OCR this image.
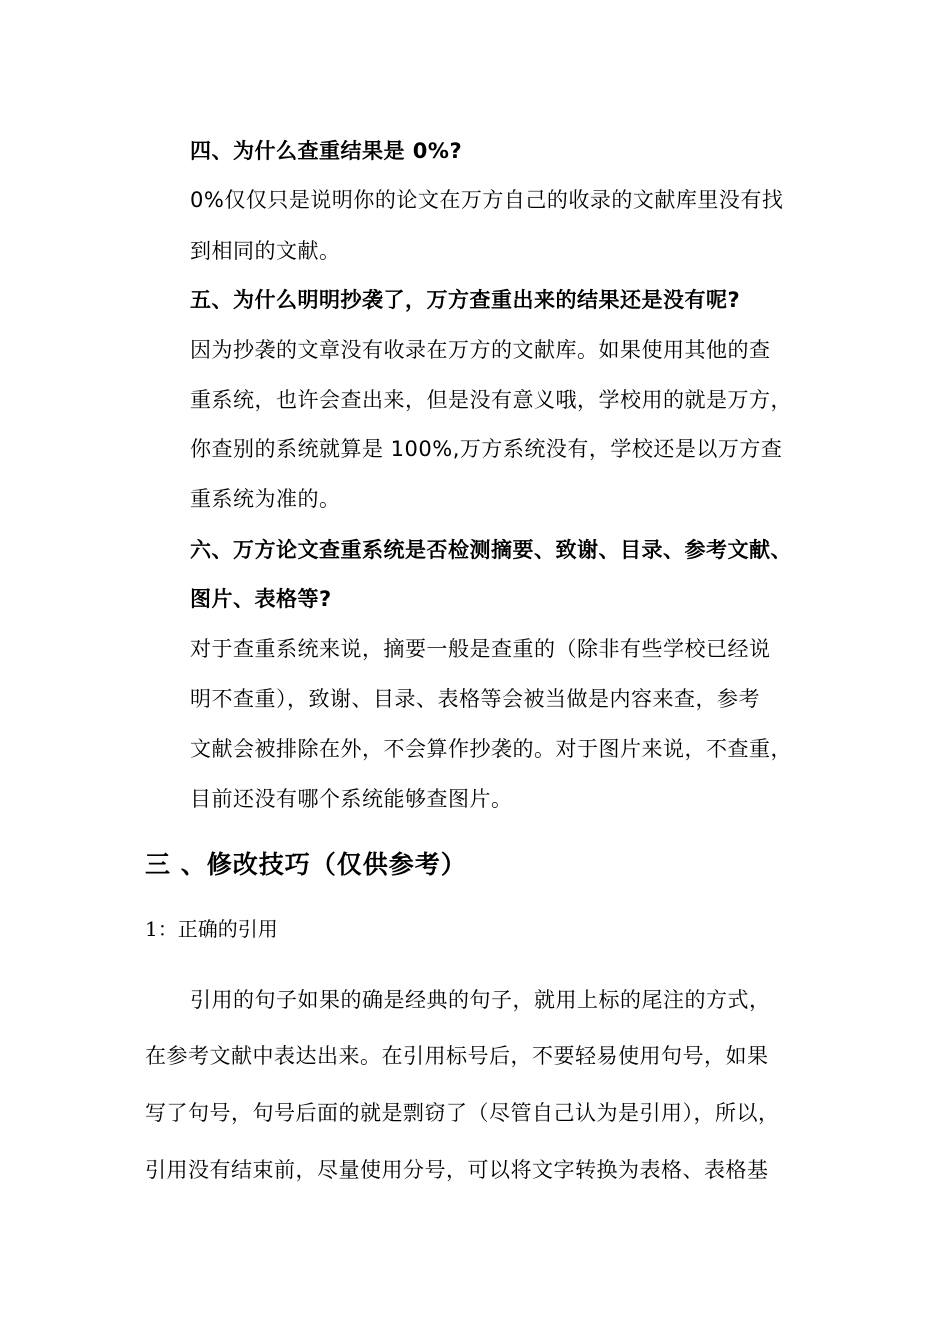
四、为什么查重结果是 0%?
0%仅仅只是说明你的论文在万方自己的收录的文献库里没有找
到相同的文献。
五、为什么明明抄袭了，万方查重出来的结果还是没有呢?
因为抄袭的文章没有收录在万方的文献库。如果使用其他的查
重系统，也许会查出来，但是没有意义哦，学校用的就是万方，
你查别的系统就算是 100%,万方系统没有，学校还是以万方查
重系统为准的。
六、万方论文查重系统是否检测摘要、致谢、目录、参考文献、
图片、表格等?
对于查重系统来说，摘要一般是查重的（除非有些学校已经说
明不查重），致谢、目录、表格等会被当做是内容来查，参考
文献会被排除在外，不会算作抄袭的。对于图片来说，不查重，
目前还没有哪个系统能够查图片。
三 、修改技巧（仅供参考）
1：正确的引用
引用的句子如果的确是经典的句子，就用上标的尾注的方式，
在参考文献中表达出来。在引用标号后，不要轻易使用句号，如果
写了句号，句号后面的就是剽窃了（尽管自己认为是引用），所以，
引用没有结束前，尽量使用分号，可以将文字转换为表格、表格基
